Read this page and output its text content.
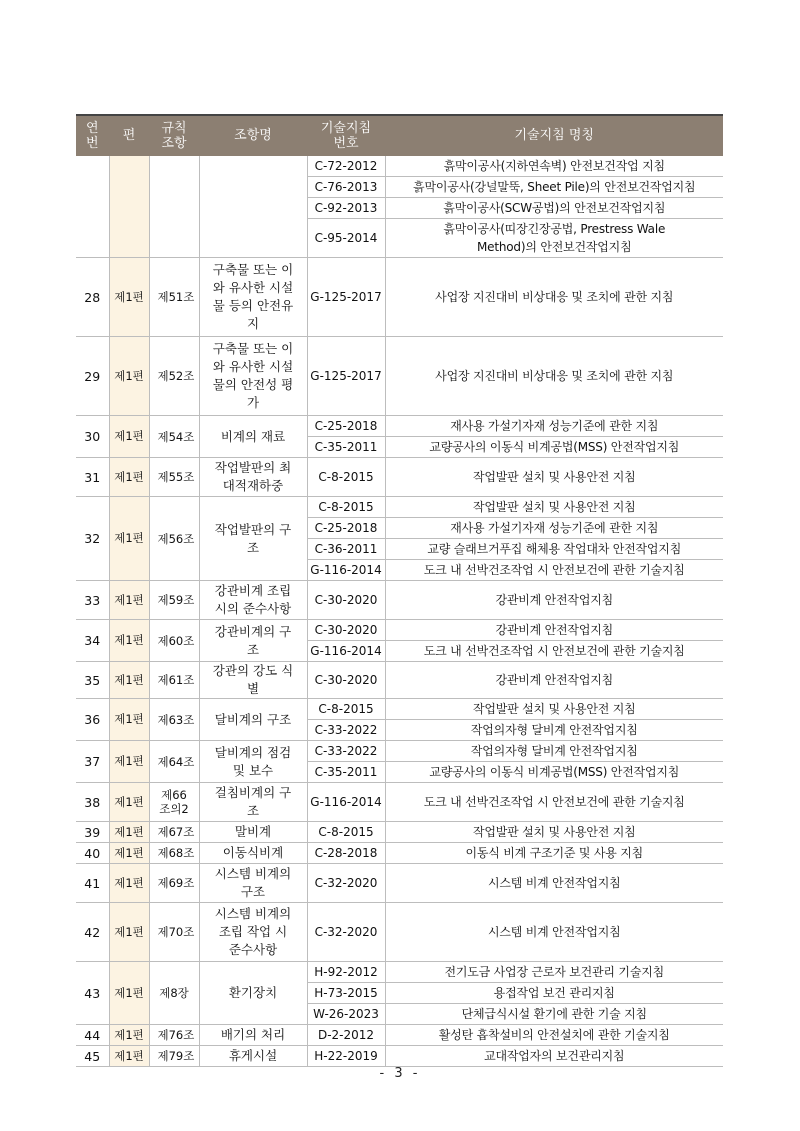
연번	편	규칙 조항	조항명	기술지침 번호	기술지침 명칭
				C-72-2012	흙막이공사(지하연속벽) 안전보건작업 지침
				C-76-2013	흙막이공사(강널말뚝, Sheet Pile)의 안전보건작업지침
				C-92-2013	흙막이공사(SCW공법)의 안전보건작업지침
				C-95-2014	흙막이공사(띠장긴장공법, Prestress Wale Method)의 안전보건작업지침
28	제1편	제51조	구축물 또는 이와 유사한 시설물 등의 안전유지	G-125-2017	사업장 지진대비 비상대응 및 조치에 관한 지침
29	제1편	제52조	구축물 또는 이와 유사한 시설물의 안전성 평가	G-125-2017	사업장 지진대비 비상대응 및 조치에 관한 지침
30	제1편	제54조	비계의 재료	C-25-2018	재사용 가설기자재 성능기준에 관한 지침
				C-35-2011	교량공사의 이동식 비계공법(MSS) 안전작업지침
31	제1편	제55조	작업발판의 최대적재하중	C-8-2015	작업발판 설치 및 사용안전 지침
32	제1편	제56조	작업발판의 구조	C-8-2015	작업발판 설치 및 사용안전 지침
				C-25-2018	재사용 가설기자재 성능기준에 관한 지침
				C-36-2011	교량 슬래브거푸집 해체용 작업대차 안전작업지침
				G-116-2014	도크 내 선박건조작업 시 안전보건에 관한 기술지침
33	제1편	제59조	강관비계 조립 시의 준수사항	C-30-2020	강관비계 안전작업지침
34	제1편	제60조	강관비계의 구조	C-30-2020	강관비계 안전작업지침
				G-116-2014	도크 내 선박건조작업 시 안전보건에 관한 기술지침
35	제1편	제61조	강관의 강도 식별	C-30-2020	강관비계 안전작업지침
36	제1편	제63조	달비계의 구조	C-8-2015	작업발판 설치 및 사용안전 지침
				C-33-2022	작업의자형 달비계 안전작업지침
37	제1편	제64조	달비계의 점검 및 보수	C-33-2022	작업의자형 달비계 안전작업지침
				C-35-2011	교량공사의 이동식 비계공법(MSS) 안전작업지침
38	제1편	제66조의2	걸침비계의 구조	G-116-2014	도크 내 선박건조작업 시 안전보건에 관한 기술지침
39	제1편	제67조	말비계	C-8-2015	작업발판 설치 및 사용안전 지침
40	제1편	제68조	이동식비계	C-28-2018	이동식 비계 구조기준 및 사용 지침
41	제1편	제69조	시스템 비계의 구조	C-32-2020	시스템 비계 안전작업지침
42	제1편	제70조	시스템 비계의 조립 작업 시 준수사항	C-32-2020	시스템 비계 안전작업지침
43	제1편	제8장	환기장치	H-92-2012	전기도금 사업장 근로자 보건관리 기술지침
				H-73-2015	용접작업 보건 관리지침
				W-26-2023	단체급식시설 환기에 관한 기술 지침
44	제1편	제76조	배기의 처리	D-2-2012	활성탄 흡착설비의 안전설치에 관한 기술지침
45	제1편	제79조	휴게시설	H-22-2019	교대작업자의 보건관리지침
- 3 -
